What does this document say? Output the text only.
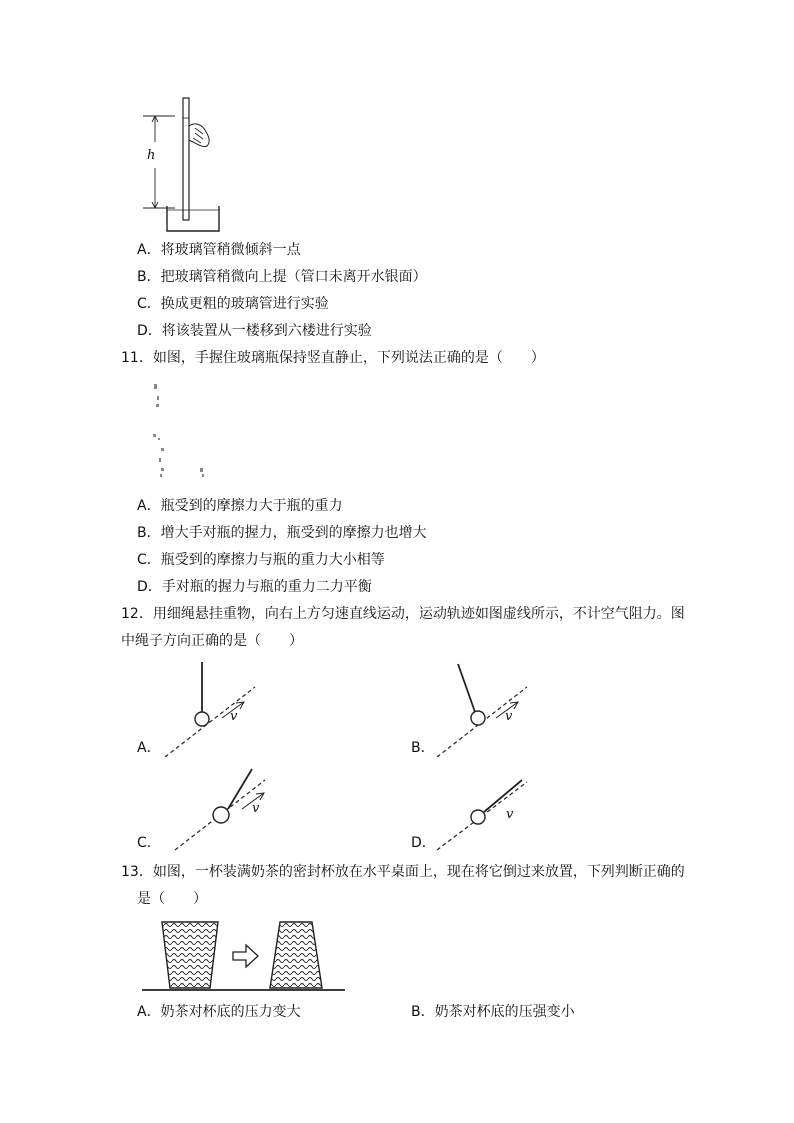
h
A．将玻璃管稍微倾斜一点
B．把玻璃管稍微向上提（管口未离开水银面）
C．换成更粗的玻璃管进行实验
D．将该装置从一楼移到六楼进行实验
11．如图，手握住玻璃瓶保持竖直静止，下列说法正确的是（　　）
A．瓶受到的摩擦力大于瓶的重力
B．增大手对瓶的握力，瓶受到的摩擦力也增大
C．瓶受到的摩擦力与瓶的重力大小相等
D．手对瓶的握力与瓶的重力二力平衡
12．用细绳悬挂重物，向右上方匀速直线运动，运动轨迹如图虚线所示，不计空气阻力。图
中绳子方向正确的是（　　）
A．
v
B．
v
C．
v
D．
v
13．如图，一杯装满奶茶的密封杯放在水平桌面上，现在将它倒过来放置，下列判断正确的
是（　　）
A．奶茶对杯底的压力变大	B．奶茶对杯底的压强变小
